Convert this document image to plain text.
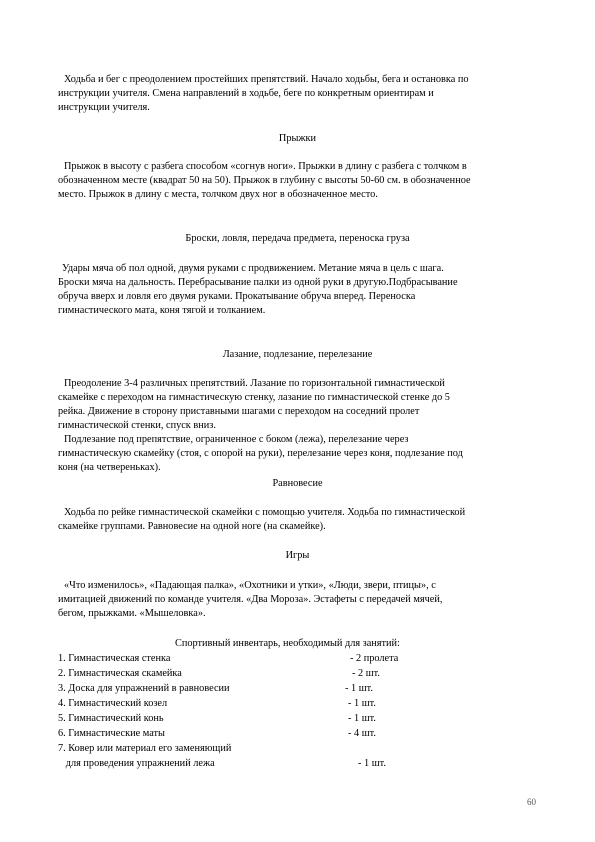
Ходьба и бег с преодолением простейших препятствий. Начало ходьбы, бега и остановка по
инструкции учителя. Смена направлений в ходьбе, беге по конкретным ориентирам и
инструкции учителя.
Прыжки
Прыжок в высоту с разбега способом «согнув ноги». Прыжки в длину с разбега с толчком в
обозначенном месте (квадрат 50 на 50). Прыжок в глубину с высоты 50-60 см. в обозначенное
место. Прыжок в длину с места, толчком двух ног в обозначенное место.
Броски, ловля, передача предмета, переноска груза
Удары мяча об пол одной, двумя руками с продвижением. Метание мяча в цель с шага.
Броски мяча на дальность. Перебрасывание палки из одной руки в другую.Подбрасывание
обруча вверх и ловля его двумя руками. Прокатывание обруча вперед. Переноска
гимнастического мата, коня тягой и толканием.
Лазание, подлезание, перелезание
Преодоление 3-4 различных препятствий. Лазание по горизонтальной гимнастической
скамейке с переходом на гимнастическую стенку, лазание по гимнастической стенке до 5
рейка. Движение в сторону приставными шагами с переходом на соседний пролет
гимнастической стенки, спуск вниз.
Подлезание под препятствие, ограниченное с боком (лежа), перелезание через
гимнастическую скамейку (стоя, с опорой на руки), перелезание через коня, подлезание под
коня (на четвереньках).
Равновесие
Ходьба по рейке гимнастической скамейки с помощью учителя. Ходьба по гимнастической
скамейке группами. Равновесие на одной ноге (на скамейке).
Игры
«Что изменилось», «Падающая палка», «Охотники и утки», «Люди, звери, птицы», с
имитацией движений по команде учителя. «Два Мороза». Эстафеты с передачей мячей,
бегом, прыжками. «Мышеловка».
Спортивный инвентарь, необходимый для занятий:
1. Гимнастическая стенка	- 2 пролета
2. Гимнастическая скамейка	- 2 шт.
3. Доска для упражнений в равновесии	- 1 шт.
4. Гимнастический козел	- 1 шт.
5. Гимнастический конь	- 1 шт.
6. Гимнастические маты	- 4 шт.
7. Ковер или материал его заменяющий
для проведения упражнений лежа	- 1 шт.
60
